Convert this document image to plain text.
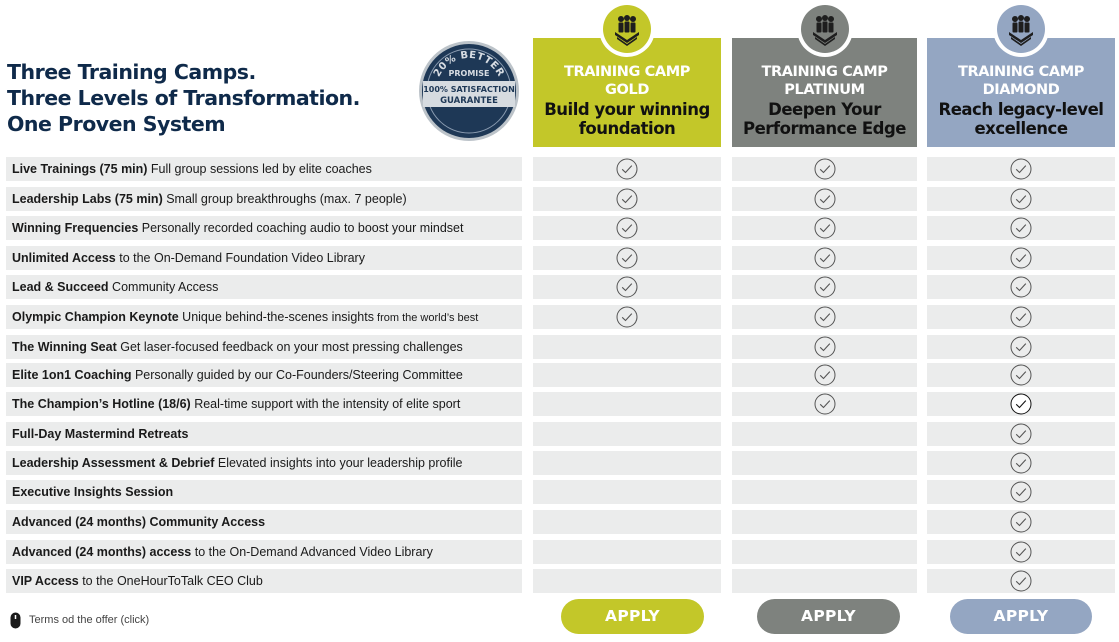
Three Training Camps.
Three Levels of Transformation.
One Proven System
20% BETTER
PROMISE
100% SATISFACTION
GUARANTEE
TRAINING CAMP
GOLD
Build your winning
foundation
TRAINING CAMP
PLATINUM
Deepen Your
Performance Edge
TRAINING CAMP
DIAMOND
Reach legacy-level
excellence
Live Trainings (75 min) Full group sessions led by elite coaches
Leadership Labs (75 min) Small group breakthroughs (max. 7 people)
Winning Frequencies Personally recorded coaching audio to boost your mindset
Unlimited Access to the On-Demand Foundation Video Library
Lead & Succeed Community Access
Olympic Champion Keynote Unique behind-the-scenes insights from the world’s best
The Winning Seat Get laser-focused feedback on your most pressing challenges
Elite 1on1 Coaching Personally guided by our Co-Founders/Steering Committee
The Champion’s Hotline (18/6) Real-time support with the intensity of elite sport
Full-Day Mastermind Retreats
Leadership Assessment & Debrief Elevated insights into your leadership profile
Executive Insights Session
Advanced (24 months) Community Access
Advanced (24 months) access to the On-Demand Advanced Video Library
VIP Access to the OneHourToTalk CEO Club
APPLY	APPLY	APPLY
Terms od the offer (click)
